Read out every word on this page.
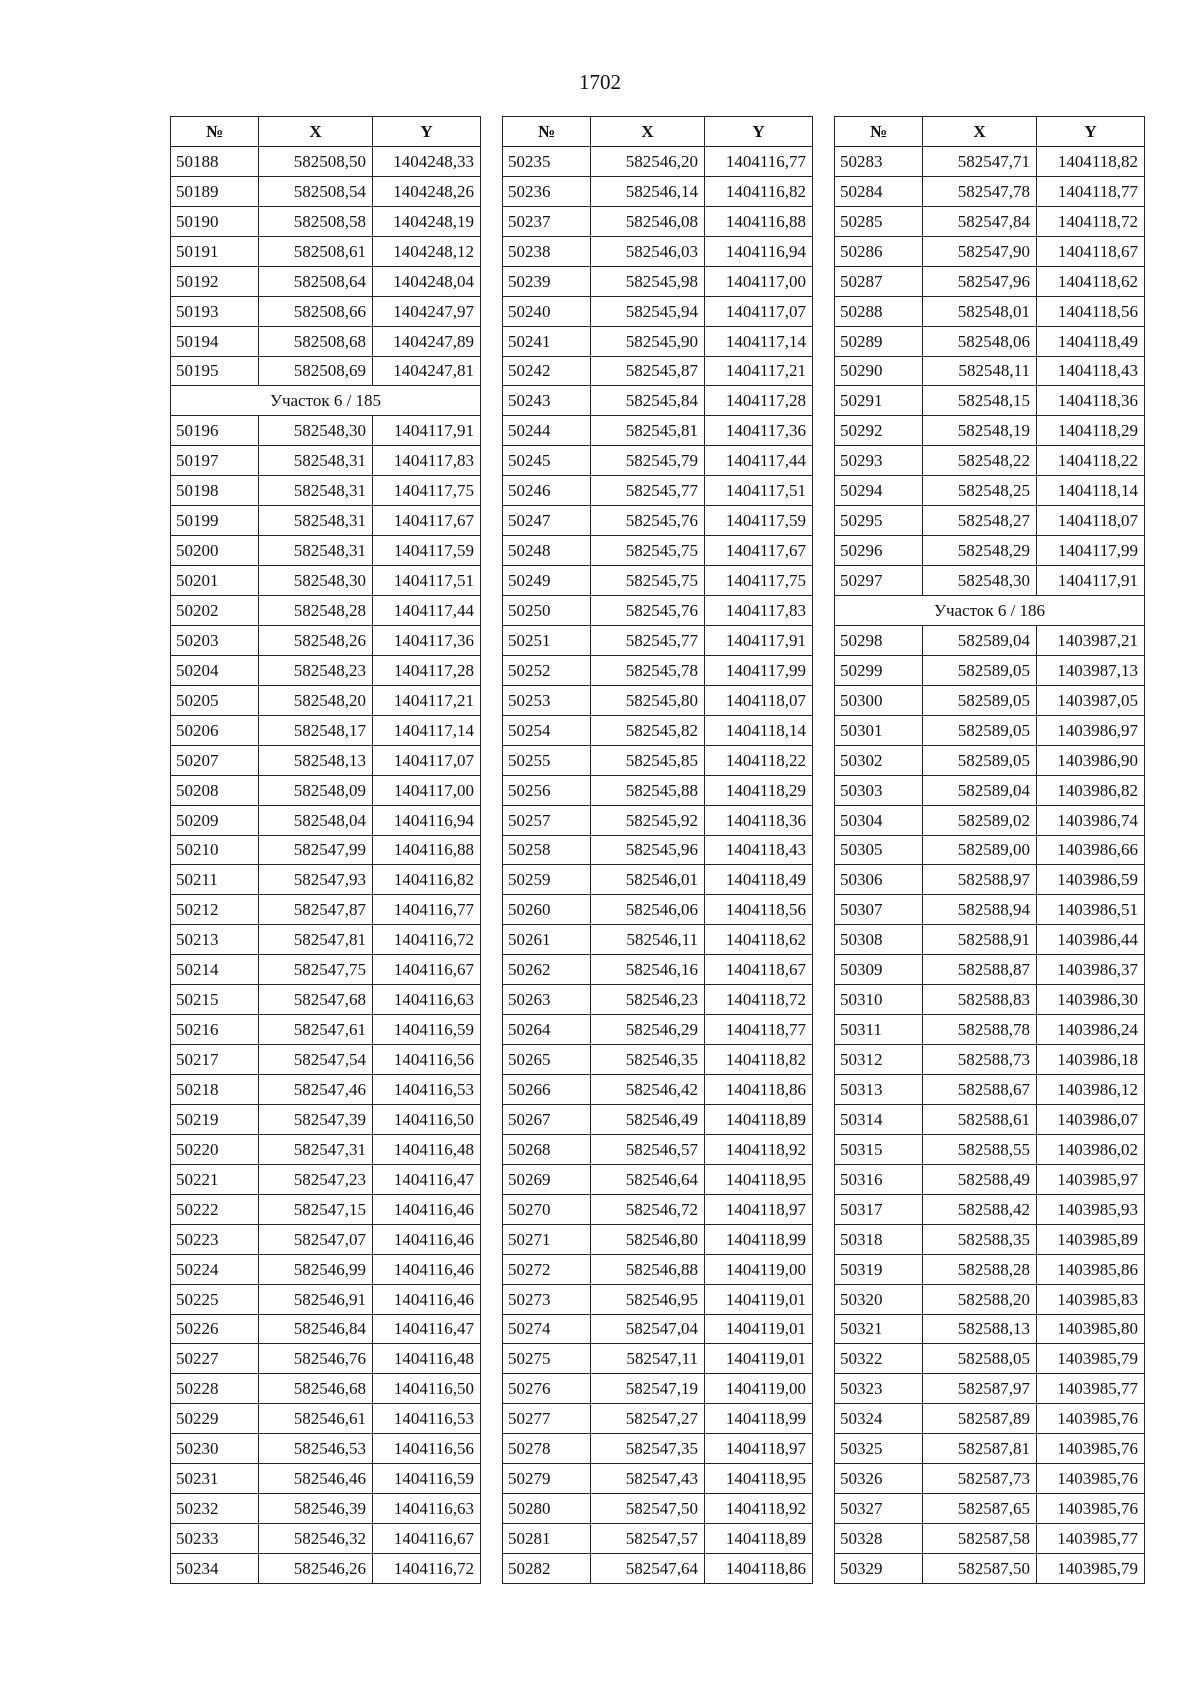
1702
№	X	Y
50188	582508,50	1404248,33
50189	582508,54	1404248,26
50190	582508,58	1404248,19
50191	582508,61	1404248,12
50192	582508,64	1404248,04
50193	582508,66	1404247,97
50194	582508,68	1404247,89
50195	582508,69	1404247,81
Участок 6 / 185		
50196	582548,30	1404117,91
50197	582548,31	1404117,83
50198	582548,31	1404117,75
50199	582548,31	1404117,67
50200	582548,31	1404117,59
50201	582548,30	1404117,51
50202	582548,28	1404117,44
50203	582548,26	1404117,36
50204	582548,23	1404117,28
50205	582548,20	1404117,21
50206	582548,17	1404117,14
50207	582548,13	1404117,07
50208	582548,09	1404117,00
50209	582548,04	1404116,94
50210	582547,99	1404116,88
50211	582547,93	1404116,82
50212	582547,87	1404116,77
50213	582547,81	1404116,72
50214	582547,75	1404116,67
50215	582547,68	1404116,63
50216	582547,61	1404116,59
50217	582547,54	1404116,56
50218	582547,46	1404116,53
50219	582547,39	1404116,50
50220	582547,31	1404116,48
50221	582547,23	1404116,47
50222	582547,15	1404116,46
50223	582547,07	1404116,46
50224	582546,99	1404116,46
50225	582546,91	1404116,46
50226	582546,84	1404116,47
50227	582546,76	1404116,48
50228	582546,68	1404116,50
50229	582546,61	1404116,53
50230	582546,53	1404116,56
50231	582546,46	1404116,59
50232	582546,39	1404116,63
50233	582546,32	1404116,67
50234	582546,26	1404116,72
№	X	Y
50235	582546,20	1404116,77
50236	582546,14	1404116,82
50237	582546,08	1404116,88
50238	582546,03	1404116,94
50239	582545,98	1404117,00
50240	582545,94	1404117,07
50241	582545,90	1404117,14
50242	582545,87	1404117,21
50243	582545,84	1404117,28
50244	582545,81	1404117,36
50245	582545,79	1404117,44
50246	582545,77	1404117,51
50247	582545,76	1404117,59
50248	582545,75	1404117,67
50249	582545,75	1404117,75
50250	582545,76	1404117,83
50251	582545,77	1404117,91
50252	582545,78	1404117,99
50253	582545,80	1404118,07
50254	582545,82	1404118,14
50255	582545,85	1404118,22
50256	582545,88	1404118,29
50257	582545,92	1404118,36
50258	582545,96	1404118,43
50259	582546,01	1404118,49
50260	582546,06	1404118,56
50261	582546,11	1404118,62
50262	582546,16	1404118,67
50263	582546,23	1404118,72
50264	582546,29	1404118,77
50265	582546,35	1404118,82
50266	582546,42	1404118,86
50267	582546,49	1404118,89
50268	582546,57	1404118,92
50269	582546,64	1404118,95
50270	582546,72	1404118,97
50271	582546,80	1404118,99
50272	582546,88	1404119,00
50273	582546,95	1404119,01
50274	582547,04	1404119,01
50275	582547,11	1404119,01
50276	582547,19	1404119,00
50277	582547,27	1404118,99
50278	582547,35	1404118,97
50279	582547,43	1404118,95
50280	582547,50	1404118,92
50281	582547,57	1404118,89
50282	582547,64	1404118,86
№	X	Y
50283	582547,71	1404118,82
50284	582547,78	1404118,77
50285	582547,84	1404118,72
50286	582547,90	1404118,67
50287	582547,96	1404118,62
50288	582548,01	1404118,56
50289	582548,06	1404118,49
50290	582548,11	1404118,43
50291	582548,15	1404118,36
50292	582548,19	1404118,29
50293	582548,22	1404118,22
50294	582548,25	1404118,14
50295	582548,27	1404118,07
50296	582548,29	1404117,99
50297	582548,30	1404117,91
Участок 6 / 186		
50298	582589,04	1403987,21
50299	582589,05	1403987,13
50300	582589,05	1403987,05
50301	582589,05	1403986,97
50302	582589,05	1403986,90
50303	582589,04	1403986,82
50304	582589,02	1403986,74
50305	582589,00	1403986,66
50306	582588,97	1403986,59
50307	582588,94	1403986,51
50308	582588,91	1403986,44
50309	582588,87	1403986,37
50310	582588,83	1403986,30
50311	582588,78	1403986,24
50312	582588,73	1403986,18
50313	582588,67	1403986,12
50314	582588,61	1403986,07
50315	582588,55	1403986,02
50316	582588,49	1403985,97
50317	582588,42	1403985,93
50318	582588,35	1403985,89
50319	582588,28	1403985,86
50320	582588,20	1403985,83
50321	582588,13	1403985,80
50322	582588,05	1403985,79
50323	582587,97	1403985,77
50324	582587,89	1403985,76
50325	582587,81	1403985,76
50326	582587,73	1403985,76
50327	582587,65	1403985,76
50328	582587,58	1403985,77
50329	582587,50	1403985,79
